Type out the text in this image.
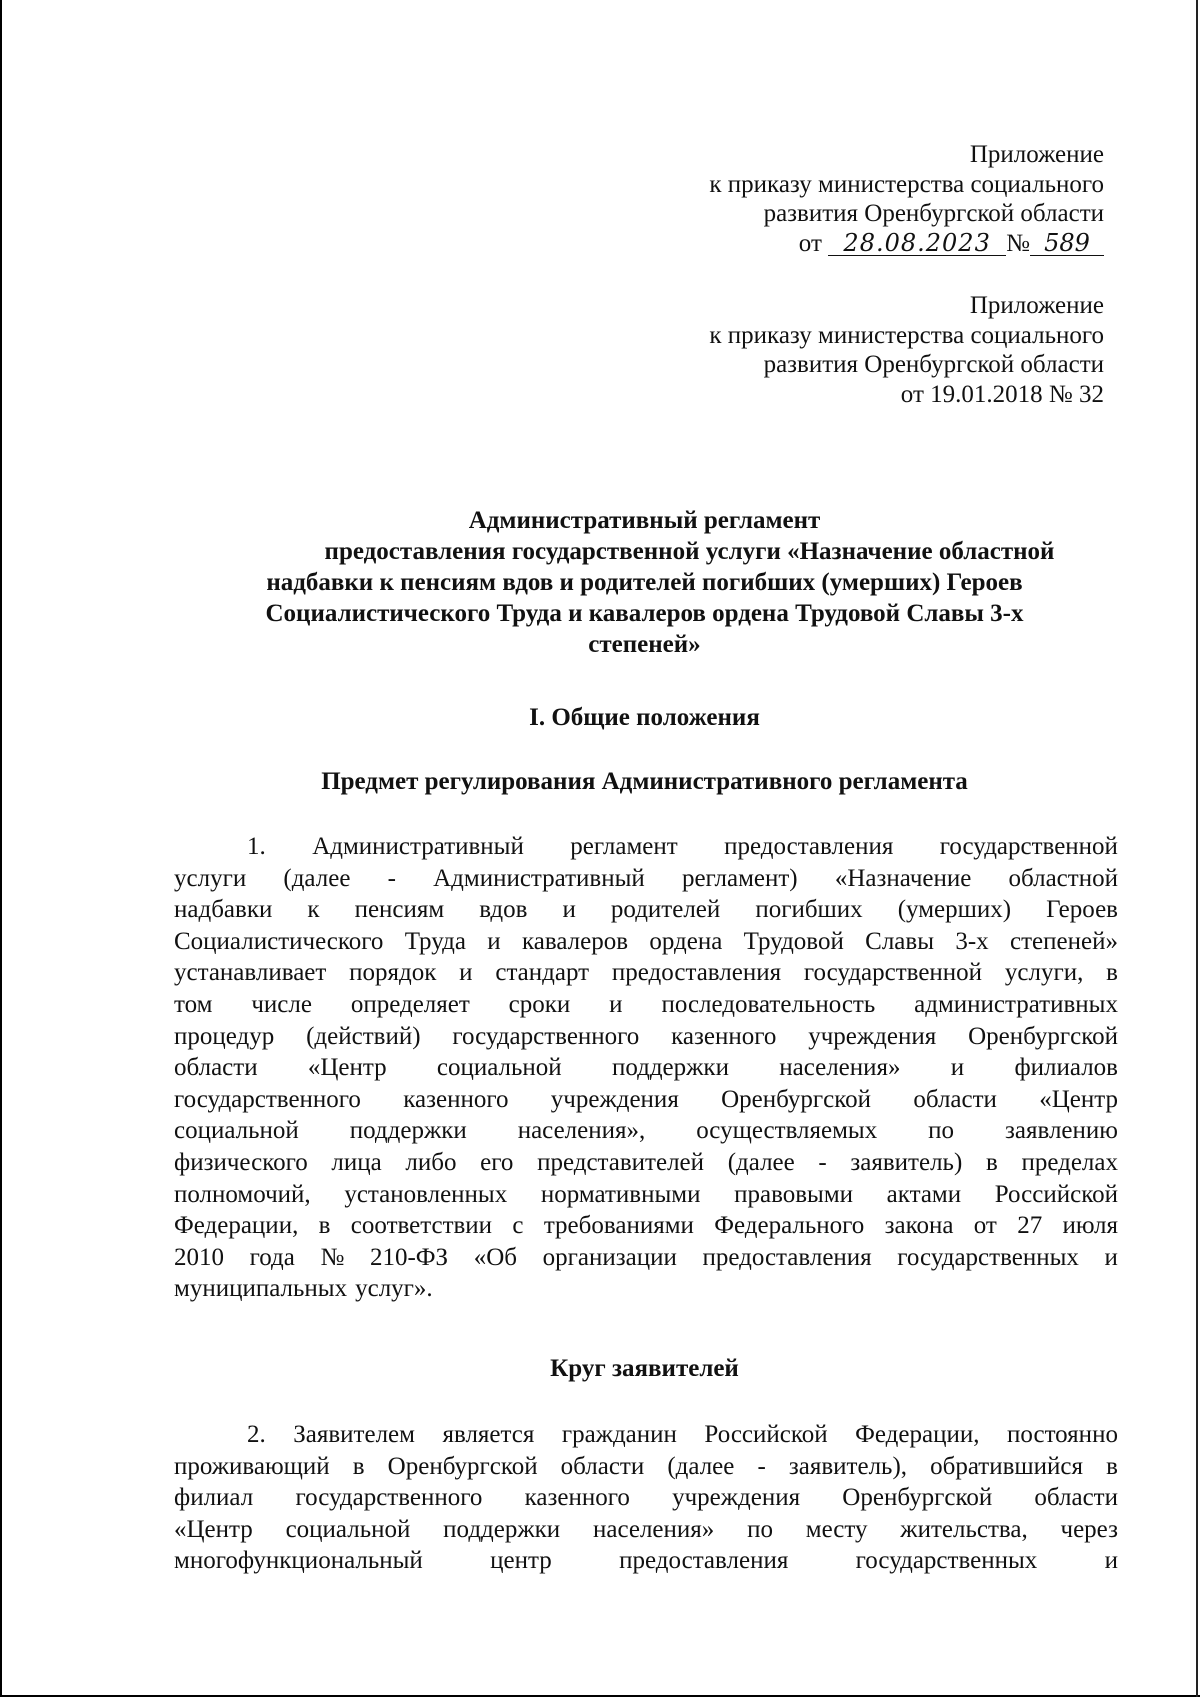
Приложение
к приказу министерства социального
развития Оренбургской области
от 28.08.2023 № 589
Приложение
к приказу министерства социального
развития Оренбургской области
от 19.01.2018 № 32
Административный регламент
предоставления государственной услуги «Назначение областной
надбавки к пенсиям вдов и родителей погибших (умерших) Героев
Социалистического Труда и кавалеров ордена Трудовой Славы 3-х
степеней»
I. Общие положения
Предмет регулирования Административного регламента
1. Административный регламент предоставления государственной
услуги (далее - Административный регламент) «Назначение областной
надбавки к пенсиям вдов и родителей погибших (умерших) Героев
Социалистического Труда и кавалеров ордена Трудовой Славы 3-х степеней»
устанавливает порядок и стандарт предоставления государственной услуги, в
том числе определяет сроки и последовательность административных
процедур (действий) государственного казенного учреждения Оренбургской
области «Центр социальной поддержки населения» и филиалов
государственного казенного учреждения Оренбургской области «Центр
социальной поддержки населения», осуществляемых по заявлению
физического лица либо его представителей (далее - заявитель) в пределах
полномочий, установленных нормативными правовыми актами Российской
Федерации, в соответствии с требованиями Федерального закона от 27 июля
2010 года № 210-ФЗ «Об организации предоставления государственных и
муниципальных услуг».
Круг заявителей
2. Заявителем является гражданин Российской Федерации, постоянно
проживающий в Оренбургской области (далее - заявитель), обратившийся в
филиал государственного казенного учреждения Оренбургской области
«Центр социальной поддержки населения» по месту жительства, через
многофункциональный	центр	предоставления	государственных	и
